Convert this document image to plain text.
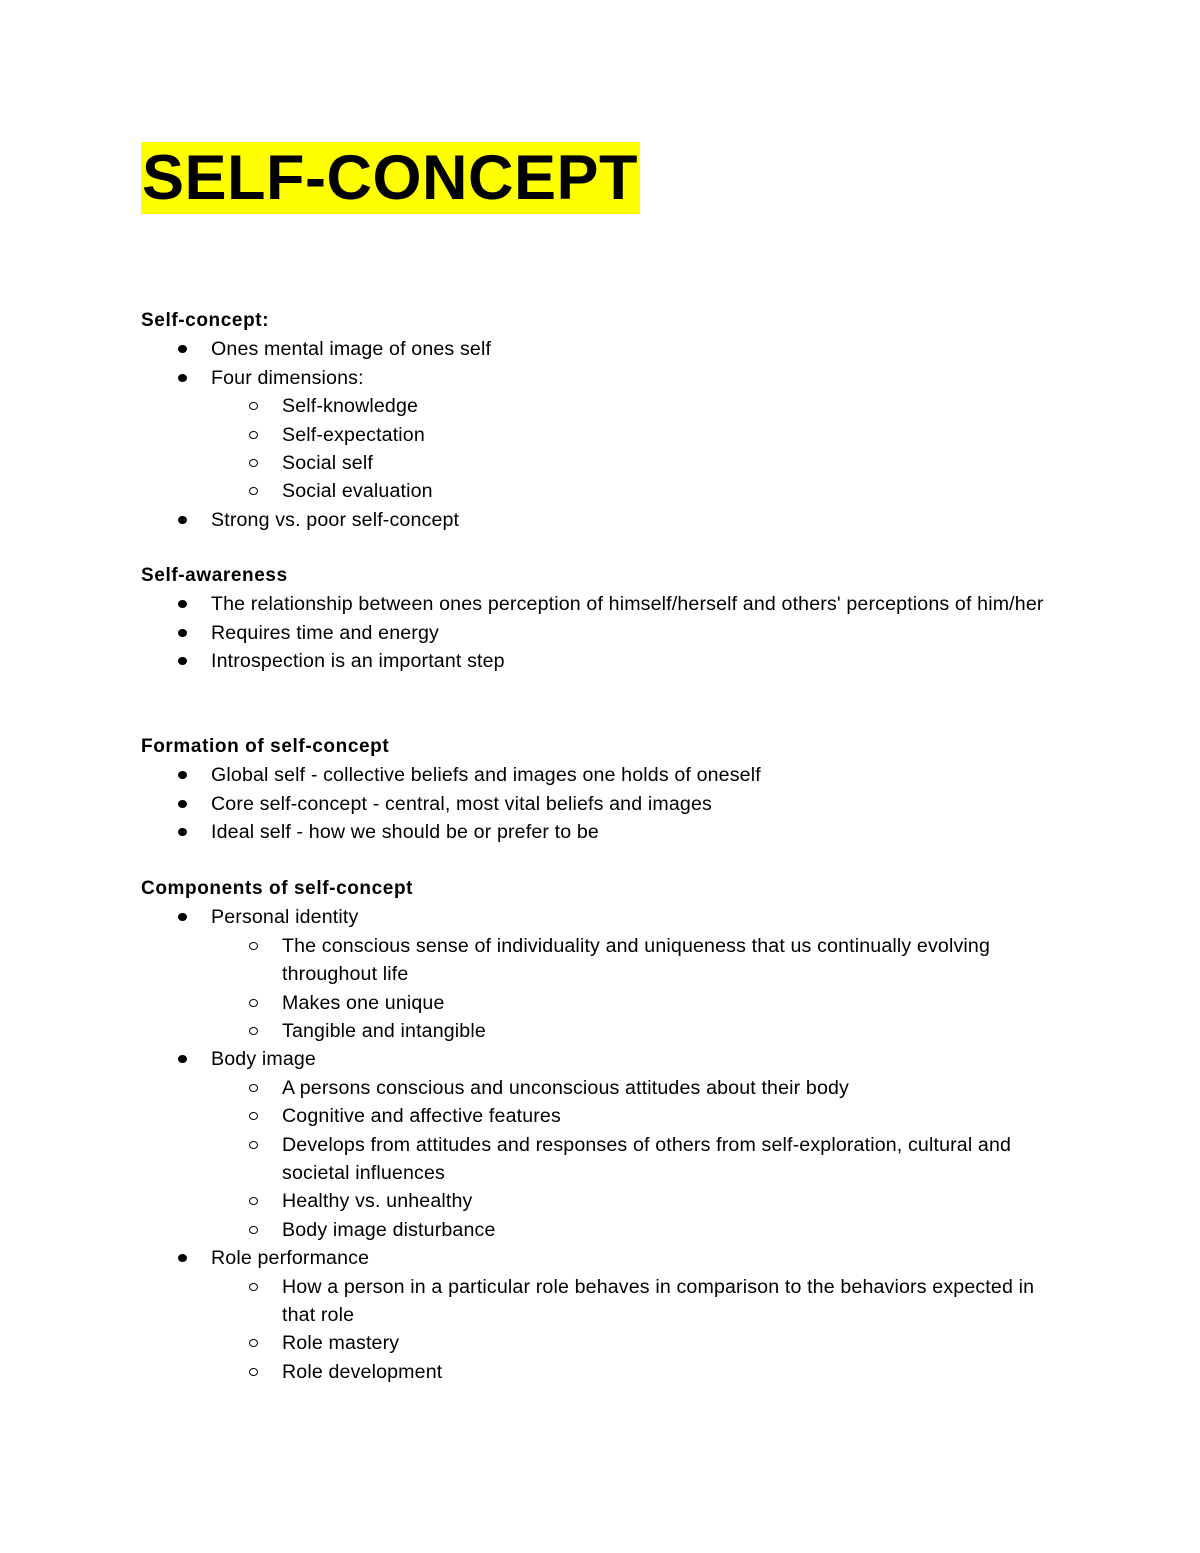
SELF-CONCEPT

Self-concept:

Ones mental image of ones self
Four dimensions:
Self-knowledge
Self-expectation
Social self
Social evaluation
Strong vs. poor self-concept

Self-awareness

The relationship between ones perception of himself/herself and others' perceptions of him/her
Requires time and energy
Introspection is an important step

Formation of self-concept

Global self - collective beliefs and images one holds of oneself
Core self-concept - central, most vital beliefs and images
Ideal self - how we should be or prefer to be

Components of self-concept

Personal identity
The conscious sense of individuality and uniqueness that us continually evolving throughout life
Makes one unique
Tangible and intangible
Body image
A persons conscious and unconscious attitudes about their body
Cognitive and affective features
Develops from attitudes and responses of others from self-exploration, cultural and societal influences
Healthy vs. unhealthy
Body image disturbance
Role performance
How a person in a particular role behaves in comparison to the behaviors expected in that role
Role mastery
Role development
